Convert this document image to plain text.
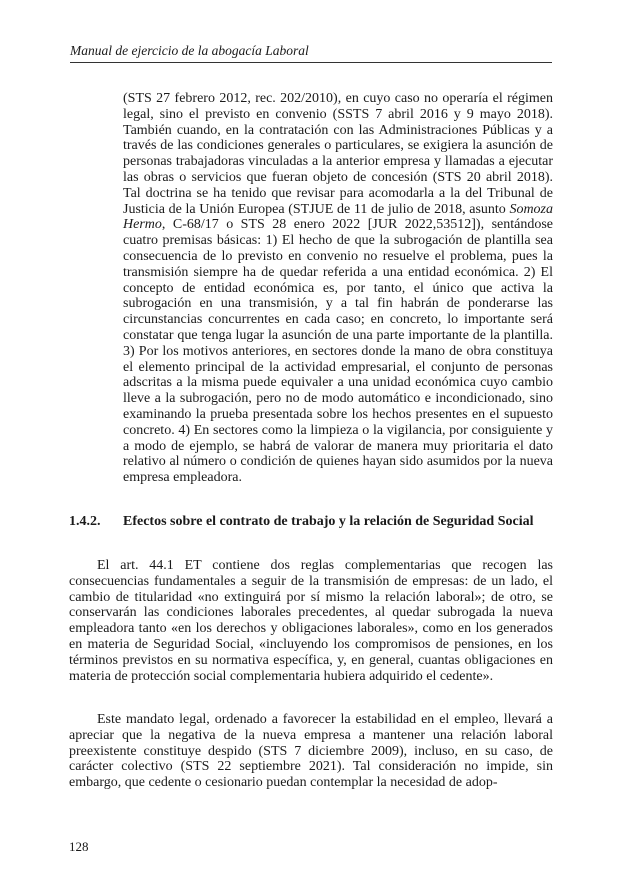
Manual de ejercicio de la abogacía Laboral
(STS 27 febrero 2012, rec. 202/2010), en cuyo caso no operaría el régimen legal, sino el previsto en convenio (SSTS 7 abril 2016 y 9 mayo 2018). También cuando, en la contratación con las Administraciones Públicas y a través de las condiciones generales o particulares, se exigiera la asunción de personas trabajadoras vinculadas a la anterior empresa y llamadas a ejecutar las obras o servicios que fueran objeto de concesión (STS 20 abril 2018). Tal doctrina se ha tenido que revisar para acomodarla a la del Tribunal de Justicia de la Unión Europea (STJUE de 11 de julio de 2018, asunto Somoza Hermo, C-68/17 o STS 28 enero 2022 [JUR 2022,53512]), sentándose cuatro premisas básicas: 1) El hecho de que la subrogación de plantilla sea consecuencia de lo previsto en convenio no resuelve el problema, pues la transmisión siempre ha de quedar referida a una entidad económica. 2) El concepto de entidad económica es, por tanto, el único que activa la subrogación en una transmisión, y a tal fin habrán de ponderarse las circunstancias concurrentes en cada caso; en concreto, lo importante será constatar que tenga lugar la asunción de una parte importante de la plantilla. 3) Por los motivos anteriores, en sectores donde la mano de obra constituya el elemento principal de la actividad empresarial, el conjunto de personas adscritas a la misma puede equivaler a una unidad económica cuyo cambio lleve a la subrogación, pero no de modo automático e incondicionado, sino examinando la prueba presentada sobre los hechos presentes en el supuesto concreto. 4) En sectores como la limpieza o la vigilancia, por consiguiente y a modo de ejemplo, se habrá de valorar de manera muy prioritaria el dato relativo al número o condición de quienes hayan sido asumidos por la nueva empresa empleadora.
1.4.2. Efectos sobre el contrato de trabajo y la relación de Seguridad Social
El art. 44.1 ET contiene dos reglas complementarias que recogen las consecuencias fundamentales a seguir de la transmisión de empresas: de un lado, el cambio de titularidad «no extinguirá por sí mismo la relación laboral»; de otro, se conservarán las condiciones laborales precedentes, al quedar subrogada la nueva empleadora tanto «en los derechos y obligaciones laborales», como en los generados en materia de Seguridad Social, «incluyendo los compromisos de pensiones, en los términos previstos en su normativa específica, y, en general, cuantas obligaciones en materia de protección social complementaria hubiera adquirido el cedente».
Este mandato legal, ordenado a favorecer la estabilidad en el empleo, llevará a apreciar que la negativa de la nueva empresa a mantener una relación laboral preexistente constituye despido (STS 7 diciembre 2009), incluso, en su caso, de carácter colectivo (STS 22 septiembre 2021). Tal consideración no impide, sin embargo, que cedente o cesionario puedan contemplar la necesidad de adop-
128
